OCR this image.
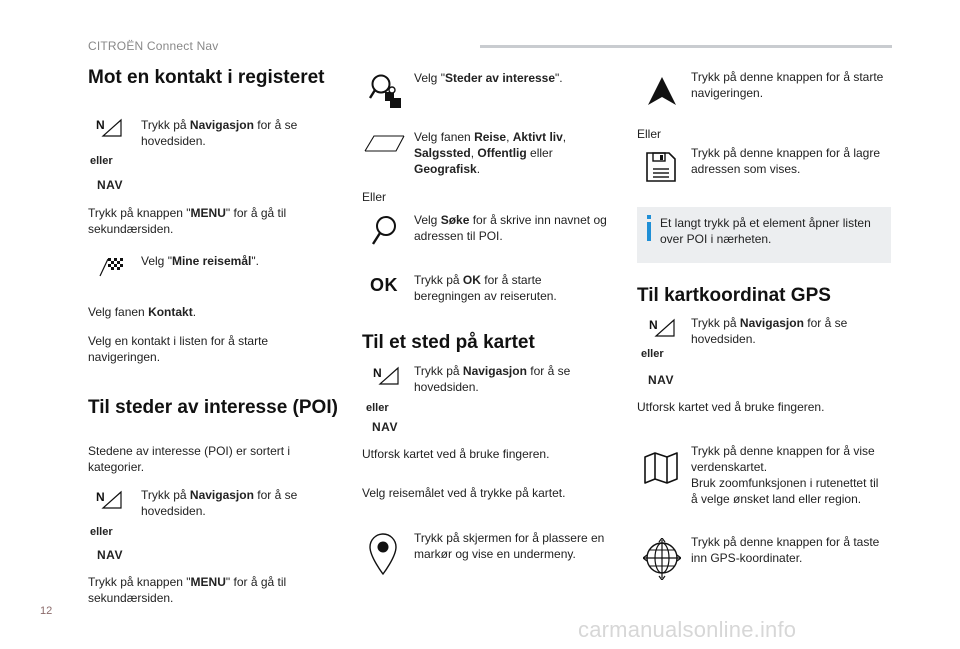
CITROËN Connect Nav
Mot en kontakt i registeret
N
eller
NAV
Trykk på Navigasjon for å se
hovedsiden.
Trykk på knappen "MENU" for å gå til
sekundærsiden.
Velg "Mine reisemål".
Velg fanen Kontakt.
Velg en kontakt i listen for å starte
navigeringen.
Til steder av interesse (POI)
Stedene av interesse (POI) er sortert i
kategorier.
N
eller
NAV
Trykk på Navigasjon for å se
hovedsiden.
Trykk på knappen "MENU" for å gå til
sekundærsiden.
Velg "Steder av interesse".
Velg fanen Reise, Aktivt liv,
Salgssted, Offentlig eller
Geografisk.
Eller
Velg Søke for å skrive inn navnet og
adressen til POI.
OK Trykk på OK for å starte
beregningen av reiseruten.
Til et sted på kartet
N
eller
NAV
Trykk på Navigasjon for å se
hovedsiden.
Utforsk kartet ved å bruke fingeren.
Velg reisemålet ved å trykke på kartet.
Trykk på skjermen for å plassere en
markør og vise en undermeny.
Trykk på denne knappen for å starte
navigeringen.
Eller
Trykk på denne knappen for å lagre
adressen som vises.
Et langt trykk på et element åpner listen
over POI i nærheten.
Til kartkoordinat GPS
N
eller
NAV
Trykk på Navigasjon for å se
hovedsiden.
Utforsk kartet ved å bruke fingeren.
Trykk på denne knappen for å vise
verdenskartet.
Bruk zoomfunksjonen i rutenettet til
å velge ønsket land eller region.
Trykk på denne knappen for å taste
inn GPS-koordinater.
12
carmanualsonline.info
